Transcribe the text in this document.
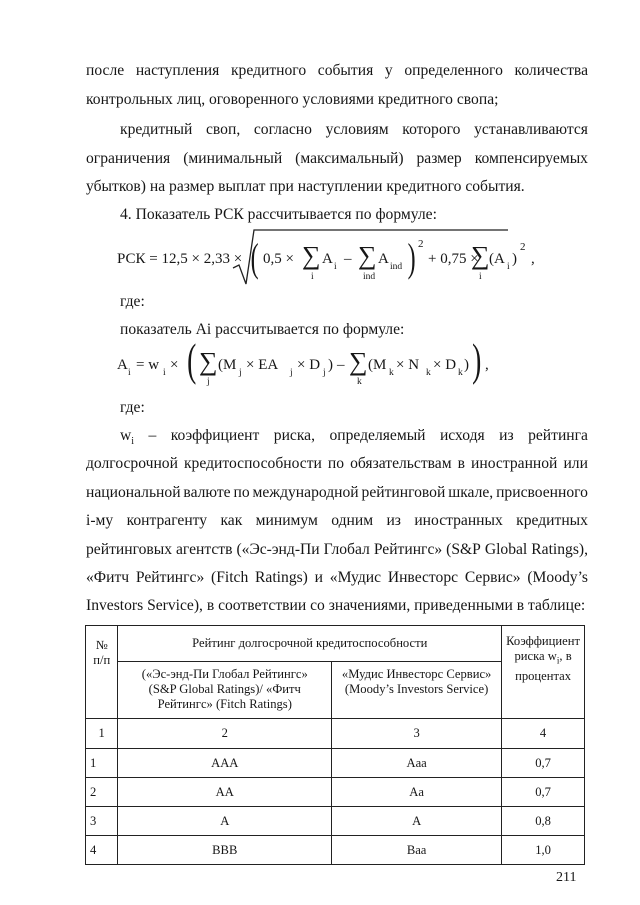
после наступления кредитного события у определенного количества
контрольных лиц, оговоренного условиями кредитного свопа;
кредитный своп, согласно условиям которого устанавливаются
ограничения (минимальный (максимальный) размер компенсируемых
убытков) на размер выплат при наступлении кредитного события.
4. Показатель РСК рассчитывается по формуле:
РСК = 12,5 × 2,33 × ( 0,5 × ∑
i
A i – ∑
ind
A ind ) 2
+ 0,75 ×
∑
i
(A i )
2
,
где:
показатель Ai рассчитывается по формуле:
A i = w i × ( ∑
j
(M j × EA j × D j ) – ∑
k
(M k × N k × D k ) ) ,
где:
$w_i$ – коэффициент риска, определяемый исходя из рейтинга
долгосрочной кредитоспособности по обязательствам в иностранной или
национальной валюте по международной рейтинговой шкале, присвоенного
i-му контрагенту как минимум одним из иностранных кредитных
рейтинговых агентств («Эс-энд-Пи Глобал Рейтингс» (S&P Global Ratings),
«Фитч Рейтингс» (Fitch Ratings) и «Мудис Инвесторс Сервис» (Moody’s
Investors Service), в соответствии со значениями, приведенными в таблице:
№ п/п	Рейтинг долгосрочной кредитоспособности		Коэффициент риска $w_i$, в процентах
	(«Эс-энд-Пи Глобал Рейтингс» (S&P Global Ratings)/ «Фитч Рейтингс» (Fitch Ratings)	«Мудис Инвесторс Сервис» (Moody’s Investors Service)	
1	2	3	4
1	AAA	Aaa	0,7
2	AA	Aa	0,7
3	A	A	0,8
4	BBB	Baa	1,0
211
